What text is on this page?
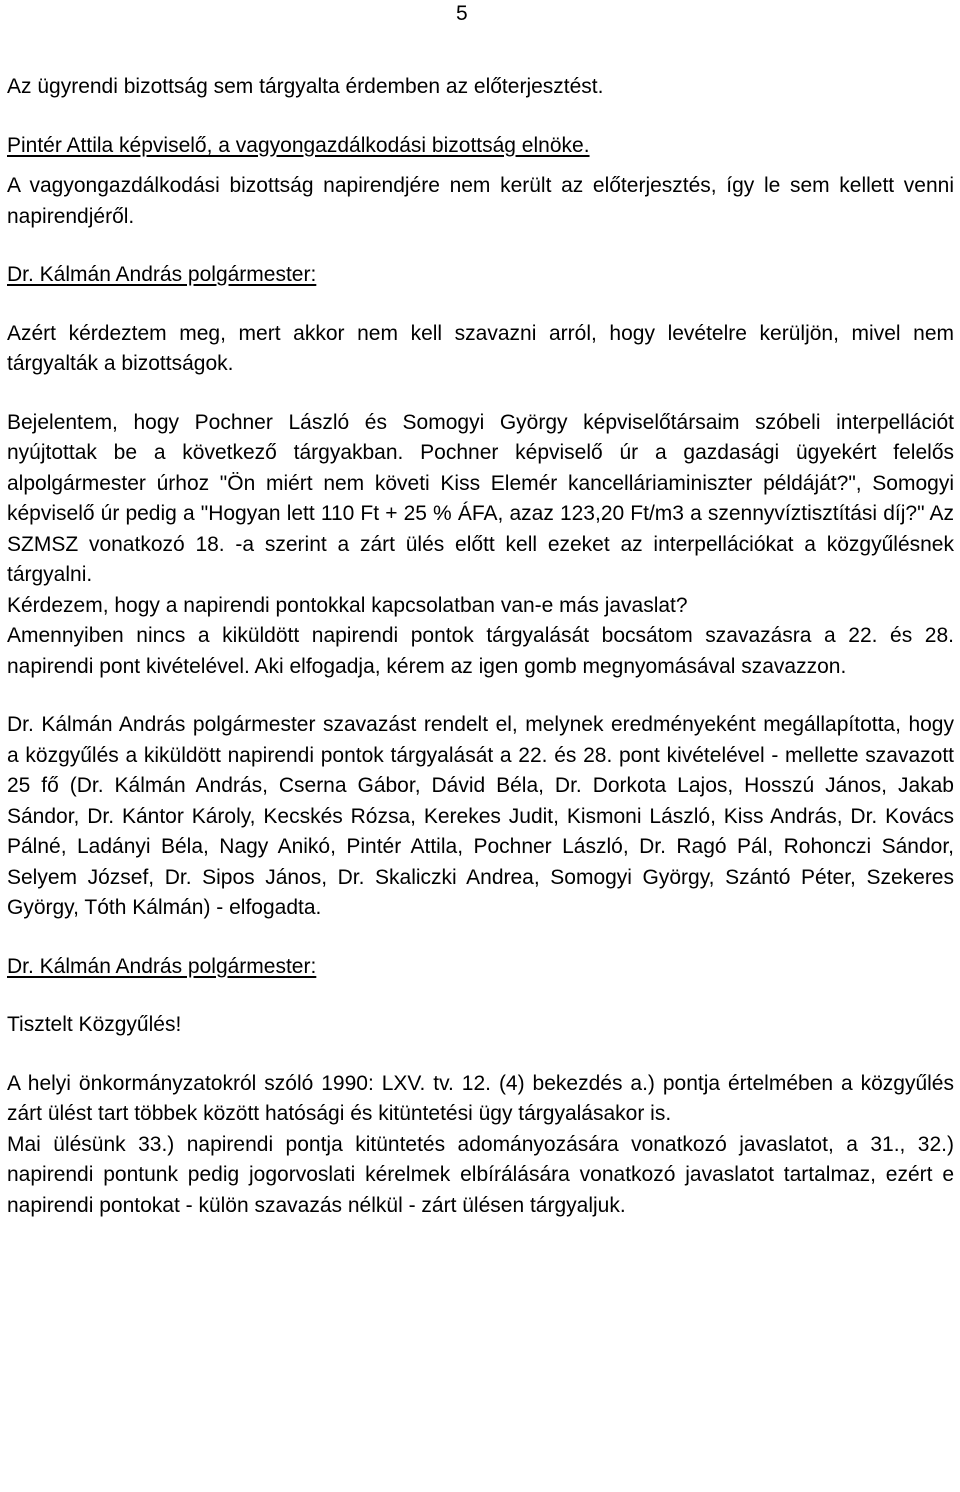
5

Az ügyrendi bizottság sem tárgyalta érdemben az előterjesztést.

Pintér Attila képviselő, a vagyongazdálkodási bizottság elnöke.

A vagyongazdálkodási bizottság napirendjére nem került az előterjesztés, így le sem kellett venni napirendjéről.

Dr. Kálmán András polgármester:

Azért kérdeztem meg, mert akkor nem kell szavazni arról, hogy levételre kerüljön, mivel nem tárgyalták a bizottságok.

Bejelentem, hogy Pochner László és Somogyi György képviselőtársaim szóbeli interpellációt nyújtottak be a következő tárgyakban. Pochner képviselő úr a gazdasági ügyekért felelős alpolgármester úrhoz "Ön miért nem követi Kiss Elemér kancelláriaminiszter példáját?", Somogyi képviselő úr pedig a "Hogyan lett 110 Ft + 25 % ÁFA, azaz 123,20 Ft/m3 a szennyvíztisztítási díj?" Az SZMSZ vonatkozó 18. -a szerint a zárt ülés előtt kell ezeket az interpellációkat a közgyűlésnek tárgyalni.

Kérdezem, hogy a napirendi pontokkal kapcsolatban van-e más javaslat?

Amennyiben nincs a kiküldött napirendi pontok tárgyalását bocsátom szavazásra a 22. és 28. napirendi pont kivételével. Aki elfogadja, kérem az igen gomb megnyomásával szavazzon.

Dr. Kálmán András polgármester szavazást rendelt el, melynek eredményeként megállapította, hogy a közgyűlés a kiküldött napirendi pontok tárgyalását a 22. és 28. pont kivételével - mellette szavazott 25 fő (Dr. Kálmán András, Cserna Gábor, Dávid Béla, Dr. Dorkota Lajos, Hosszú János, Jakab Sándor, Dr. Kántor Károly, Kecskés Rózsa, Kerekes Judit, Kismoni László, Kiss András, Dr. Kovács Pálné, Ladányi Béla, Nagy Anikó, Pintér Attila, Pochner László, Dr. Ragó Pál, Rohonczi Sándor, Selyem József, Dr. Sipos János, Dr. Skaliczki Andrea, Somogyi György, Szántó Péter, Szekeres György, Tóth Kálmán) - elfogadta.

Dr. Kálmán András polgármester:

Tisztelt Közgyűlés!

A helyi önkormányzatokról szóló 1990: LXV. tv. 12. (4) bekezdés a.) pontja értelmében a közgyűlés zárt ülést tart többek között hatósági és kitüntetési ügy tárgyalásakor is.

Mai ülésünk 33.) napirendi pontja kitüntetés adományozására vonatkozó javaslatot, a 31., 32.) napirendi pontunk pedig jogorvoslati kérelmek elbírálására vonatkozó javaslatot tartalmaz, ezért e napirendi pontokat - külön szavazás nélkül - zárt ülésen tárgyaljuk.
